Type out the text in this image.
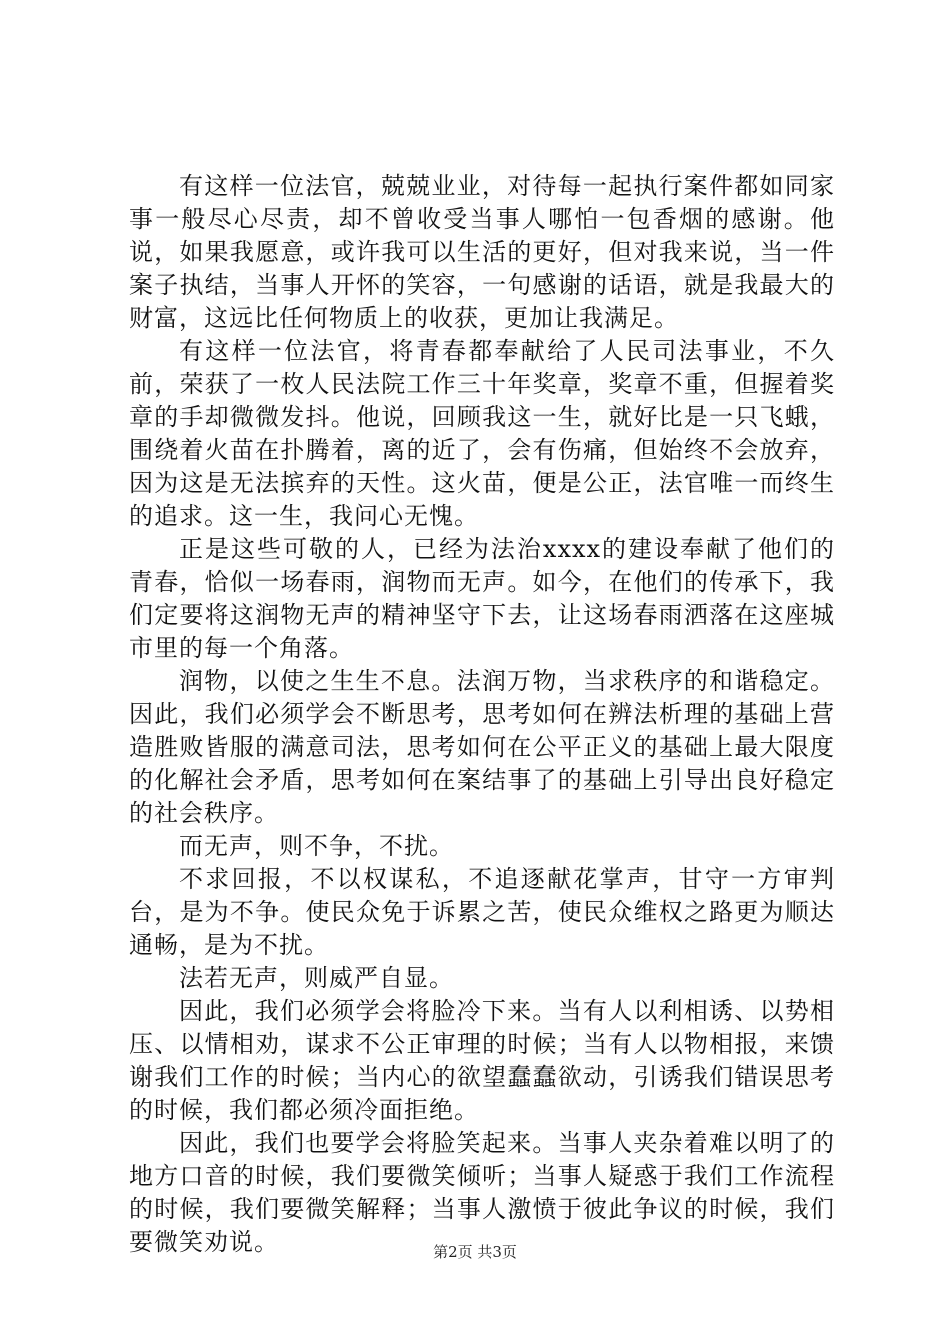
有这样一位法官，兢兢业业，对待每一起执行案件都如同家事一般尽心尽责，却不曾收受当事人哪怕一包香烟的感谢。他说，如果我愿意，或许我可以生活的更好，但对我来说，当一件案子执结，当事人开怀的笑容，一句感谢的话语，就是我最大的财富，这远比任何物质上的收获，更加让我满足。

有这样一位法官，将青春都奉献给了人民司法事业，不久前，荣获了一枚人民法院工作三十年奖章，奖章不重，但握着奖章的手却微微发抖。他说，回顾我这一生，就好比是一只飞蛾，围绕着火苗在扑腾着，离的近了，会有伤痛，但始终不会放弃，因为这是无法摈弃的天性。这火苗，便是公正，法官唯一而终生的追求。这一生，我问心无愧。

正是这些可敬的人，已经为法治xxxx的建设奉献了他们的青春，恰似一场春雨，润物而无声。如今，在他们的传承下，我们定要将这润物无声的精神坚守下去，让这场春雨洒落在这座城市里的每一个角落。

润物，以使之生生不息。法润万物，当求秩序的和谐稳定。因此，我们必须学会不断思考，思考如何在辨法析理的基础上营造胜败皆服的满意司法，思考如何在公平正义的基础上最大限度的化解社会矛盾，思考如何在案结事了的基础上引导出良好稳定的社会秩序。

而无声，则不争，不扰。

不求回报，不以权谋私，不追逐献花掌声，甘守一方审判台，是为不争。使民众免于诉累之苦，使民众维权之路更为顺达通畅，是为不扰。

法若无声，则威严自显。

因此，我们必须学会将脸冷下来。当有人以利相诱、以势相压、以情相劝，谋求不公正审理的时候；当有人以物相报，来馈谢我们工作的时候；当内心的欲望蠢蠢欲动，引诱我们错误思考的时候，我们都必须冷面拒绝。

因此，我们也要学会将脸笑起来。当事人夹杂着难以明了的地方口音的时候，我们要微笑倾听；当事人疑惑于我们工作流程的时候，我们要微笑解释；当事人激愤于彼此争议的时候，我们要微笑劝说。	第2页 共3页
